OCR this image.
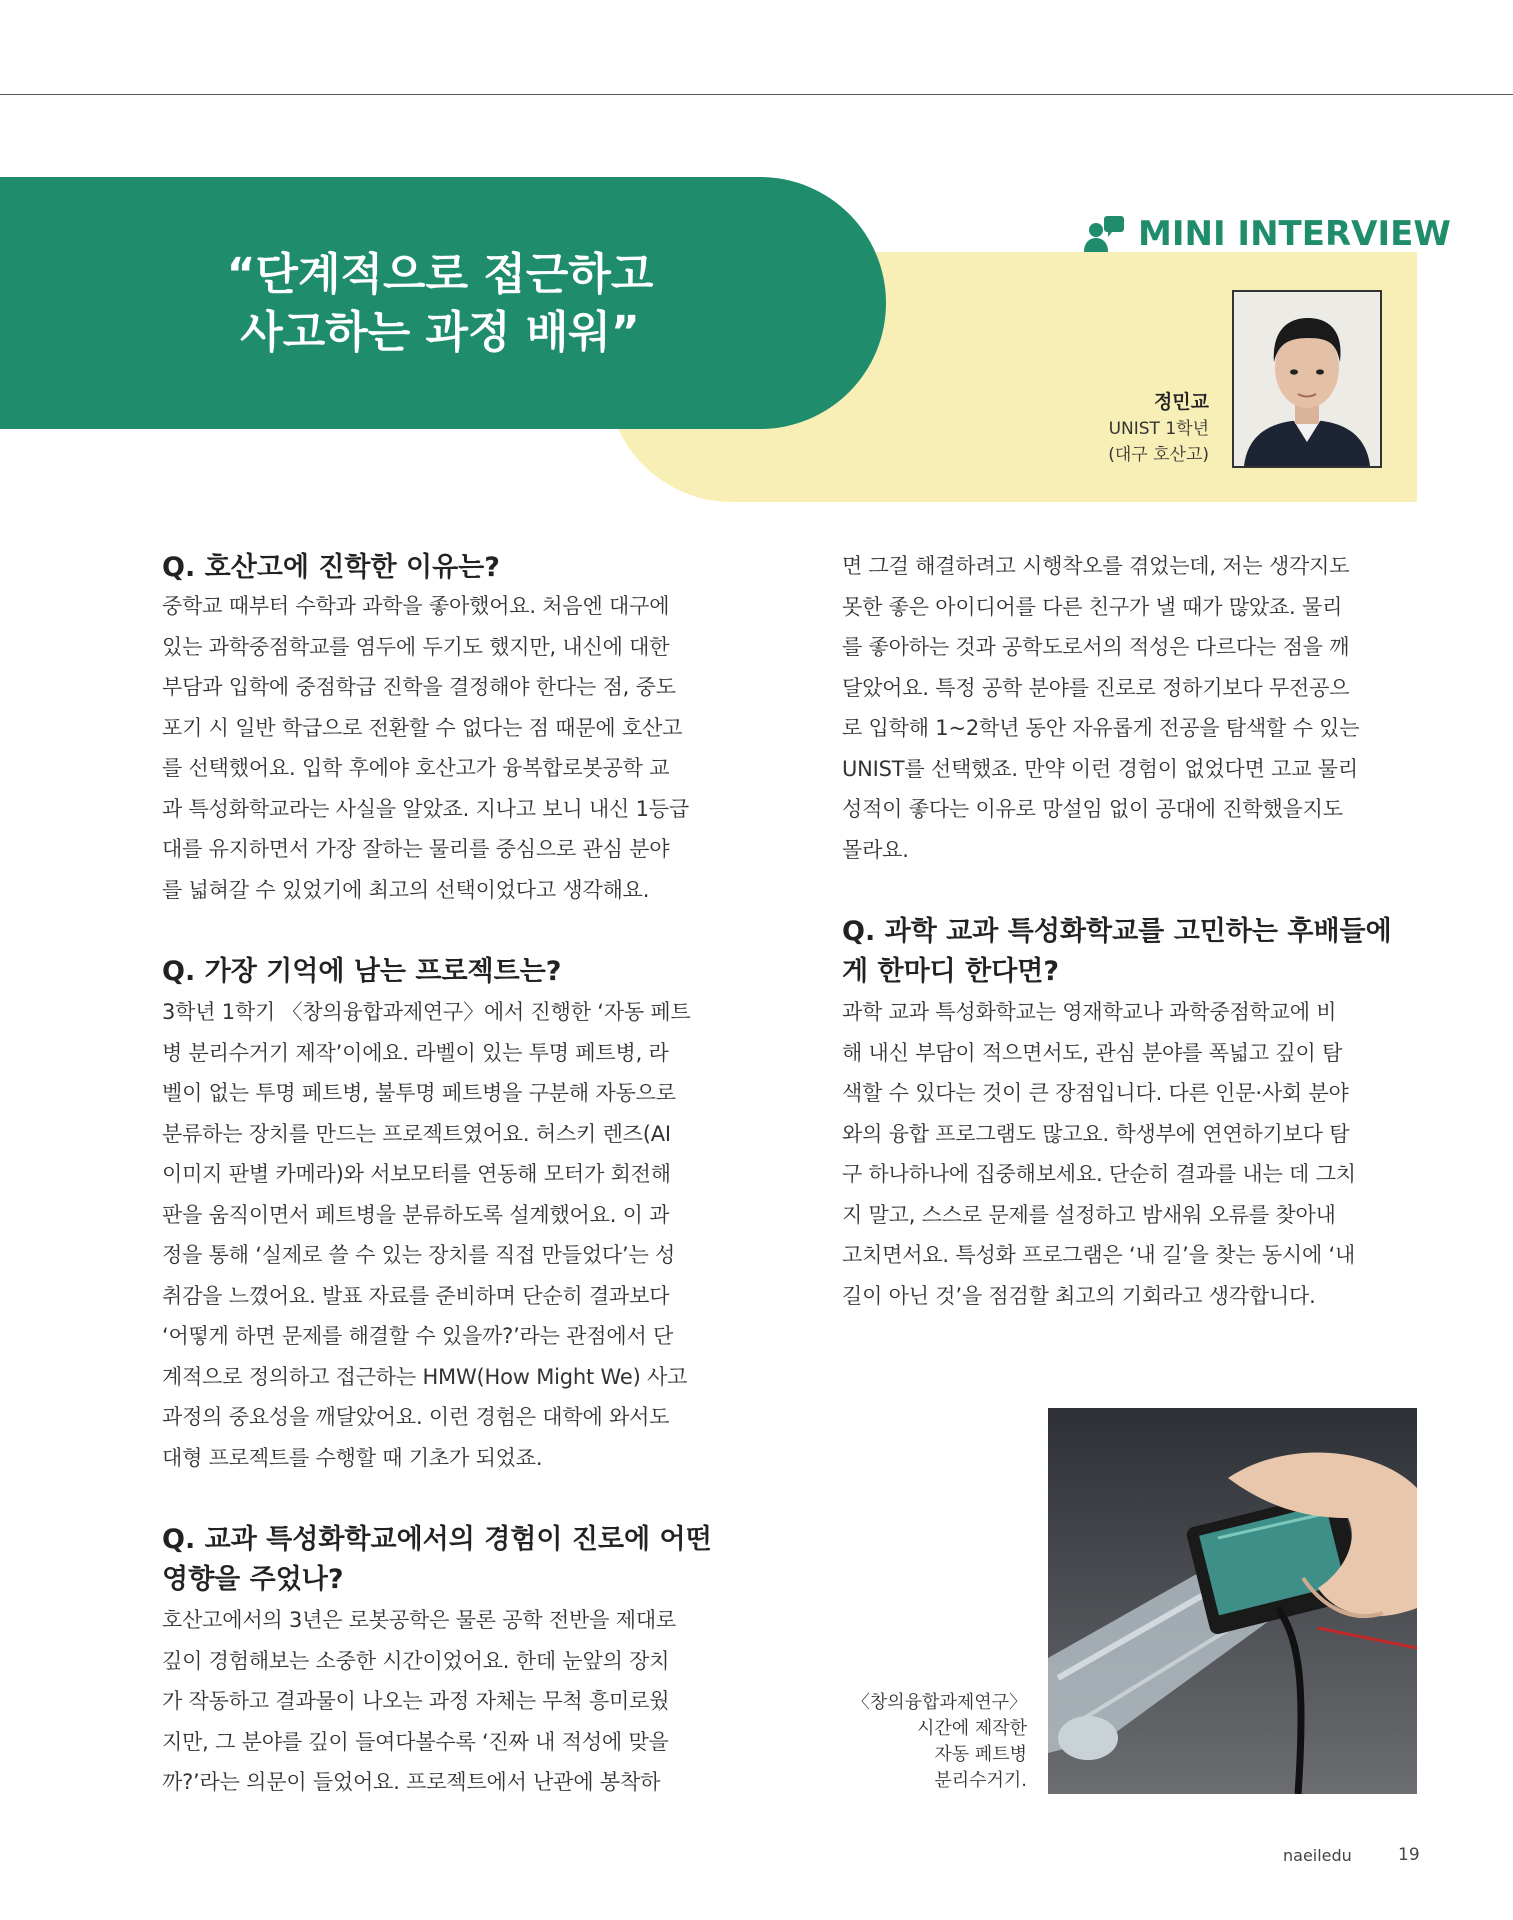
“단계적으로 접근하고
사고하는 과정 배워”
MINI INTERVIEW
정민교
UNIST 1학년
(대구 호산고)
Q. 호산고에 진학한 이유는?
중학교 때부터 수학과 과학을 좋아했어요. 처음엔 대구에
있는 과학중점학교를 염두에 두기도 했지만, 내신에 대한
부담과 입학에 중점학급 진학을 결정해야 한다는 점, 중도
포기 시 일반 학급으로 전환할 수 없다는 점 때문에 호산고
를 선택했어요. 입학 후에야 호산고가 융복합로봇공학 교
과 특성화학교라는 사실을 알았죠. 지나고 보니 내신 1등급
대를 유지하면서 가장 잘하는 물리를 중심으로 관심 분야
를 넓혀갈 수 있었기에 최고의 선택이었다고 생각해요.
Q. 가장 기억에 남는 프로젝트는?
3학년 1학기 〈창의융합과제연구〉에서 진행한 ‘자동 페트
병 분리수거기 제작’이에요. 라벨이 있는 투명 페트병, 라
벨이 없는 투명 페트병, 불투명 페트병을 구분해 자동으로
분류하는 장치를 만드는 프로젝트였어요. 허스키 렌즈(AI
이미지 판별 카메라)와 서보모터를 연동해 모터가 회전해
판을 움직이면서 페트병을 분류하도록 설계했어요. 이 과
정을 통해 ‘실제로 쓸 수 있는 장치를 직접 만들었다’는 성
취감을 느꼈어요. 발표 자료를 준비하며 단순히 결과보다
‘어떻게 하면 문제를 해결할 수 있을까?’라는 관점에서 단
계적으로 정의하고 접근하는 HMW(How Might We) 사고
과정의 중요성을 깨달았어요. 이런 경험은 대학에 와서도
대형 프로젝트를 수행할 때 기초가 되었죠.
Q. 교과 특성화학교에서의 경험이 진로에 어떤
영향을 주었나?
호산고에서의 3년은 로봇공학은 물론 공학 전반을 제대로
깊이 경험해보는 소중한 시간이었어요. 한데 눈앞의 장치
가 작동하고 결과물이 나오는 과정 자체는 무척 흥미로웠
지만, 그 분야를 깊이 들여다볼수록 ‘진짜 내 적성에 맞을
까?’라는 의문이 들었어요. 프로젝트에서 난관에 봉착하
면 그걸 해결하려고 시행착오를 겪었는데, 저는 생각지도
못한 좋은 아이디어를 다른 친구가 낼 때가 많았죠. 물리
를 좋아하는 것과 공학도로서의 적성은 다르다는 점을 깨
달았어요. 특정 공학 분야를 진로로 정하기보다 무전공으
로 입학해 1~2학년 동안 자유롭게 전공을 탐색할 수 있는
UNIST를 선택했죠. 만약 이런 경험이 없었다면 고교 물리
성적이 좋다는 이유로 망설임 없이 공대에 진학했을지도
몰라요.
Q. 과학 교과 특성화학교를 고민하는 후배들에
게 한마디 한다면?
과학 교과 특성화학교는 영재학교나 과학중점학교에 비
해 내신 부담이 적으면서도, 관심 분야를 폭넓고 깊이 탐
색할 수 있다는 것이 큰 장점입니다. 다른 인문·사회 분야
와의 융합 프로그램도 많고요. 학생부에 연연하기보다 탐
구 하나하나에 집중해보세요. 단순히 결과를 내는 데 그치
지 말고, 스스로 문제를 설정하고 밤새워 오류를 찾아내
고치면서요. 특성화 프로그램은 ‘내 길’을 찾는 동시에 ‘내
길이 아닌 것’을 점검할 최고의 기회라고 생각합니다.
〈창의융합과제연구〉
시간에 제작한
자동 페트병
분리수거기.
naeiledu	19
